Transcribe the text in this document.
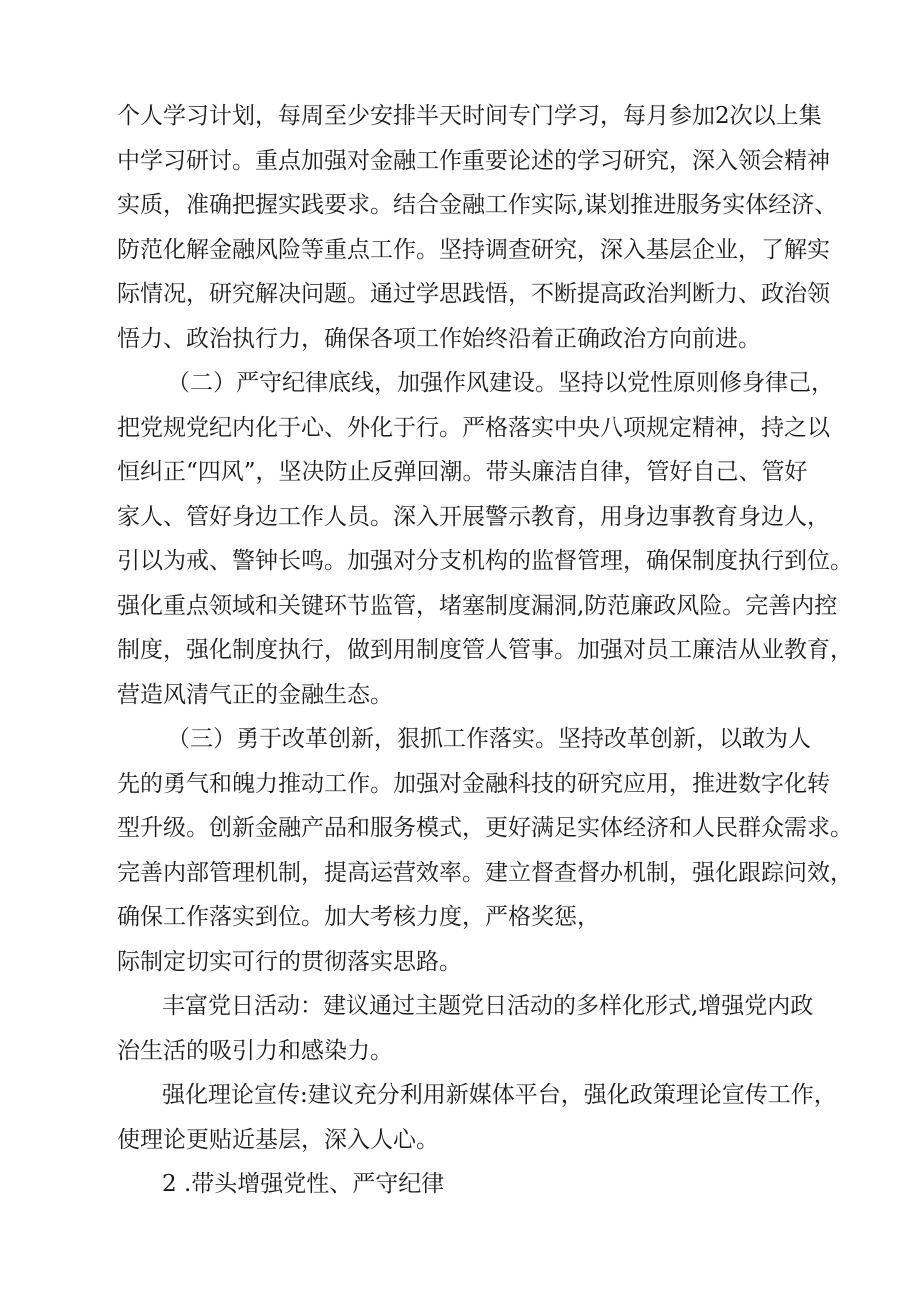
个人学习计划，每周至少安排半天时间专门学习，每月参加2次以上集
中学习研讨。重点加强对金融工作重要论述的学习研究，深入领会精神
实质，准确把握实践要求。结合金融工作实际,谋划推进服务实体经济、
防范化解金融风险等重点工作。坚持调查研究，深入基层企业，了解实
际情况，研究解决问题。通过学思践悟，不断提高政治判断力、政治领
悟力、政治执行力，确保各项工作始终沿着正确政治方向前进。
（二）严守纪律底线，加强作风建设。坚持以党性原则修身律己，
把党规党纪内化于心、外化于行。严格落实中央八项规定精神，持之以
恒纠正“四风”，坚决防止反弹回潮。带头廉洁自律，管好自己、管好
家人、管好身边工作人员。深入开展警示教育，用身边事教育身边人，
引以为戒、警钟长鸣。加强对分支机构的监督管理，确保制度执行到位。
强化重点领域和关键环节监管，堵塞制度漏洞,防范廉政风险。完善内控
制度，强化制度执行，做到用制度管人管事。加强对员工廉洁从业教育，
营造风清气正的金融生态。
（三）勇于改革创新，狠抓工作落实。坚持改革创新，以敢为人
先的勇气和魄力推动工作。加强对金融科技的研究应用，推进数字化转
型升级。创新金融产品和服务模式，更好满足实体经济和人民群众需求。
完善内部管理机制，提高运营效率。建立督查督办机制，强化跟踪问效，
确保工作落实到位。加大考核力度，严格奖惩，
际制定切实可行的贯彻落实思路。
丰富党日活动：建议通过主题党日活动的多样化形式,增强党内政
治生活的吸引力和感染力。
强化理论宣传:建议充分利用新媒体平台，强化政策理论宣传工作，
使理论更贴近基层，深入人心。
2 .带头增强党性、严守纪律
